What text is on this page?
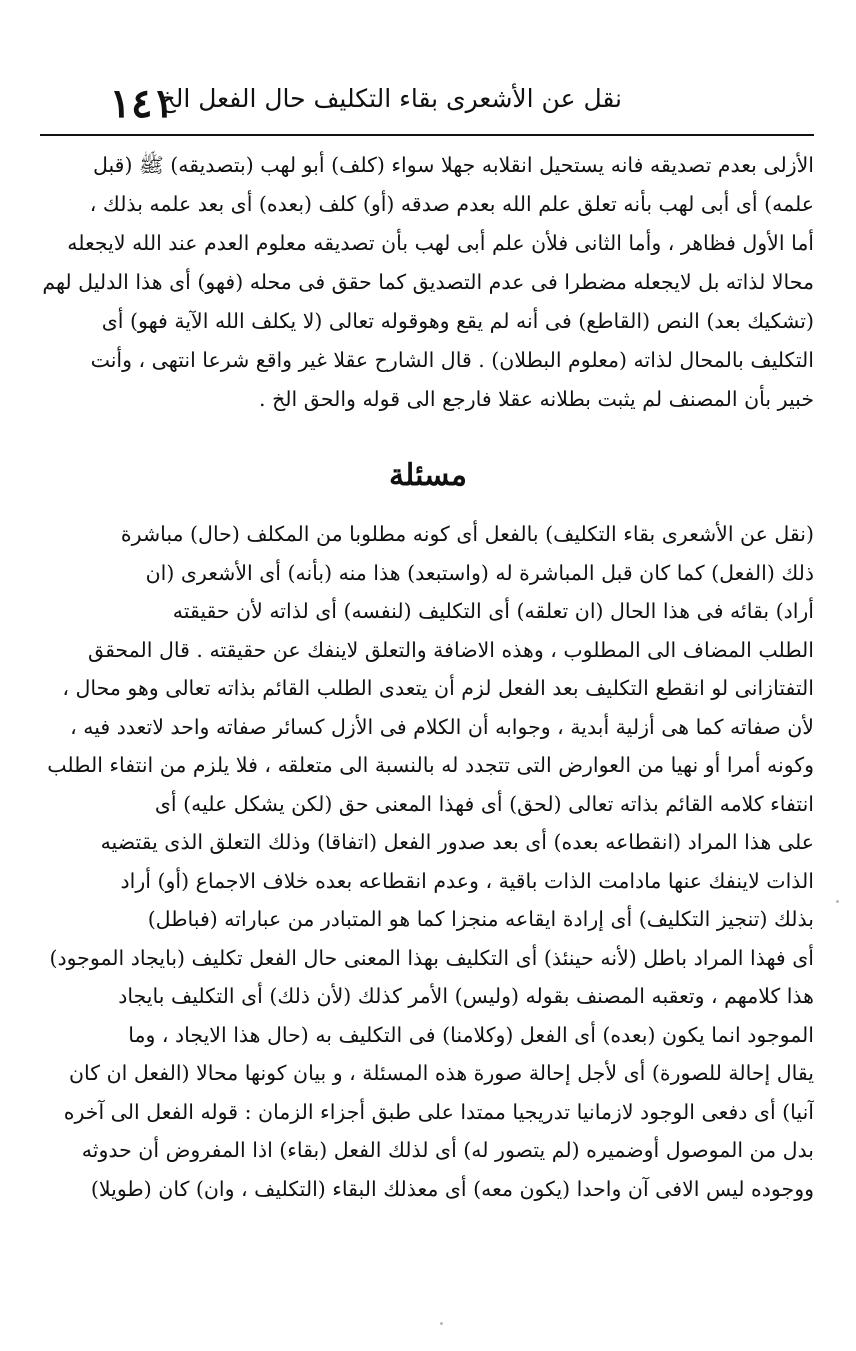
نقل عن الأشعرى بقاء التكليف حال الفعل الخ
١٤١
الأزلى بعدم تصديقه فانه يستحيل انقلابه جهلا سواء (كلف) أبو لهب (بتصديقه) ﷺ (قبل
علمه) أى أبى لهب بأنه تعلق علم الله بعدم صدقه (أو) كلف (بعده) أى بعد علمه بذلك ،
أما الأول فظاهر ، وأما الثانى فلأن علم أبى لهب بأن تصديقه معلوم العدم عند الله لايجعله
محالا لذاته بل لايجعله مضطرا فى عدم التصديق كما حقق فى محله (فهو) أى هذا الدليل لهم
(تشكيك بعد) النص (القاطع) فى أنه لم يقع وهوقوله تعالى (لا يكلف الله الآية فهو) أى
التكليف بالمحال لذاته (معلوم البطلان) . قال الشارح عقلا غير واقع شرعا انتهى ، وأنت
خبير بأن المصنف لم يثبت بطلانه عقلا فارجع الى قوله والحق الخ .
مسئلة
(نقل عن الأشعرى بقاء التكليف) بالفعل أى كونه مطلوبا من المكلف (حال) مباشرة
ذلك (الفعل) كما كان قبل المباشرة له (واستبعد) هذا منه (بأنه) أى الأشعرى (ان
أراد) بقائه فى هذا الحال (ان تعلقه) أى التكليف (لنفسه) أى لذاته لأن حقيقته
الطلب المضاف الى المطلوب ، وهذه الاضافة والتعلق لاينفك عن حقيقته . قال المحقق
التفتازانى لو انقطع التكليف بعد الفعل لزم أن يتعدى الطلب القائم بذاته تعالى وهو محال ،
لأن صفاته كما هى أزلية أبدية ، وجوابه أن الكلام فى الأزل كسائر صفاته واحد لاتعدد فيه ،
وكونه أمرا أو نهيا من العوارض التى تتجدد له بالنسبة الى متعلقه ، فلا يلزم من انتفاء الطلب
انتفاء كلامه القائم بذاته تعالى (لحق) أى فهذا المعنى حق (لكن يشكل عليه) أى
على هذا المراد (انقطاعه بعده) أى بعد صدور الفعل (اتفاقا) وذلك التعلق الذى يقتضيه
الذات لاينفك عنها مادامت الذات باقية ، وعدم انقطاعه بعده خلاف الاجماع (أو) أراد
بذلك (تنجيز التكليف) أى إرادة ايقاعه منجزا كما هو المتبادر من عباراته (فباطل)
أى فهذا المراد باطل (لأنه حينئذ) أى التكليف بهذا المعنى حال الفعل تكليف (بايجاد الموجود)
هذا كلامهم ، وتعقبه المصنف بقوله (وليس) الأمر كذلك (لأن ذلك) أى التكليف بايجاد
الموجود انما يكون (بعده) أى الفعل (وكلامنا) فى التكليف به (حال هذا الايجاد ، وما
يقال إحالة للصورة) أى لأجل إحالة صورة هذه المسئلة ، و بيان كونها محالا (الفعل ان كان
آنيا) أى دفعى الوجود لازمانيا تدريجيا ممتدا على طبق أجزاء الزمان : قوله الفعل الى آخره
بدل من الموصول أوضميره (لم يتصور له) أى لذلك الفعل (بقاء) اذا المفروض أن حدوثه
ووجوده ليس الافى آن واحدا (يكون معه) أى معذلك البقاء (التكليف ، وان) كان (طويلا)
